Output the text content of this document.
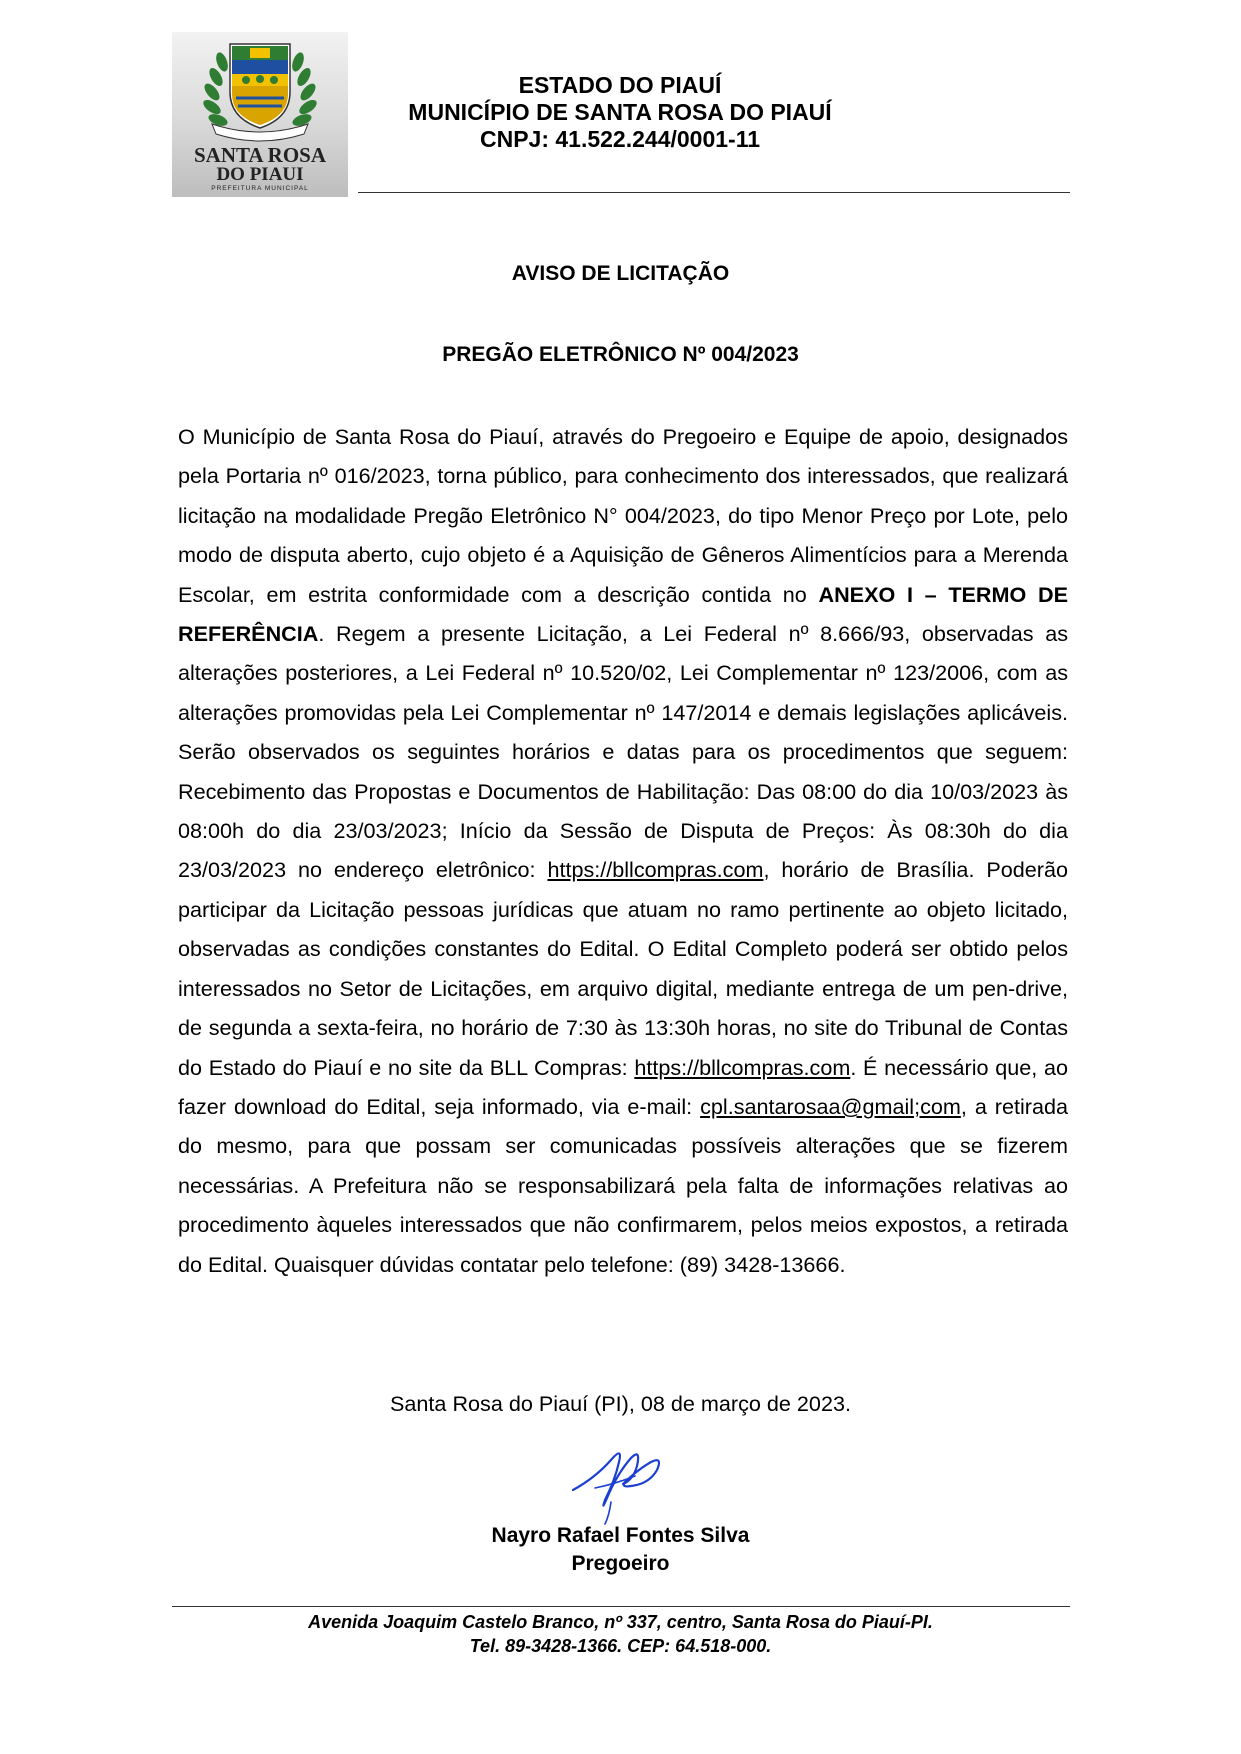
SANTA ROSA
DO PIAUI
PREFEITURA MUNICIPAL
ESTADO DO PIAUÍ
MUNICÍPIO DE SANTA ROSA DO PIAUÍ
CNPJ: 41.522.244/0001-11
AVISO DE LICITAÇÃO
PREGÃO ELETRÔNICO Nº 004/2023
O Município de Santa Rosa do Piauí, através do Pregoeiro e Equipe de apoio, designados pela Portaria nº 016/2023, torna público, para conhecimento dos interessados, que realizará licitação na modalidade Pregão Eletrônico N° 004/2023, do tipo Menor Preço por Lote, pelo modo de disputa aberto, cujo objeto é a Aquisição de Gêneros Alimentícios para a Merenda Escolar, em estrita conformidade com a descrição contida no ANEXO I – TERMO DE REFERÊNCIA. Regem a presente Licitação, a Lei Federal nº 8.666/93, observadas as alterações posteriores, a Lei Federal nº 10.520/02, Lei Complementar nº 123/2006, com as alterações promovidas pela Lei Complementar nº 147/2014 e demais legislações aplicáveis. Serão observados os seguintes horários e datas para os procedimentos que seguem: Recebimento das Propostas e Documentos de Habilitação: Das 08:00 do dia 10/03/2023 às 08:00h do dia 23/03/2023; Início da Sessão de Disputa de Preços: Às 08:30h do dia 23/03/2023 no endereço eletrônico: https://bllcompras.com, horário de Brasília. Poderão participar da Licitação pessoas jurídicas que atuam no ramo pertinente ao objeto licitado, observadas as condições constantes do Edital. O Edital Completo poderá ser obtido pelos interessados no Setor de Licitações, em arquivo digital, mediante entrega de um pen-drive, de segunda a sexta-feira, no horário de 7:30 às 13:30h horas, no site do Tribunal de Contas do Estado do Piauí e no site da BLL Compras: https://bllcompras.com. É necessário que, ao fazer download do Edital, seja informado, via e-mail: cpl.santarosaa@gmail;com, a retirada do mesmo, para que possam ser comunicadas possíveis alterações que se fizerem necessárias. A Prefeitura não se responsabilizará pela falta de informações relativas ao procedimento àqueles interessados que não confirmarem, pelos meios expostos, a retirada do Edital. Quaisquer dúvidas contatar pelo telefone: (89) 3428-13666.
Santa Rosa do Piauí (PI), 08 de março de 2023.
Nayro Rafael Fontes Silva
Pregoeiro
Avenida Joaquim Castelo Branco, nº 337, centro, Santa Rosa do Piauí-PI.
Tel. 89-3428-1366. CEP: 64.518-000.
